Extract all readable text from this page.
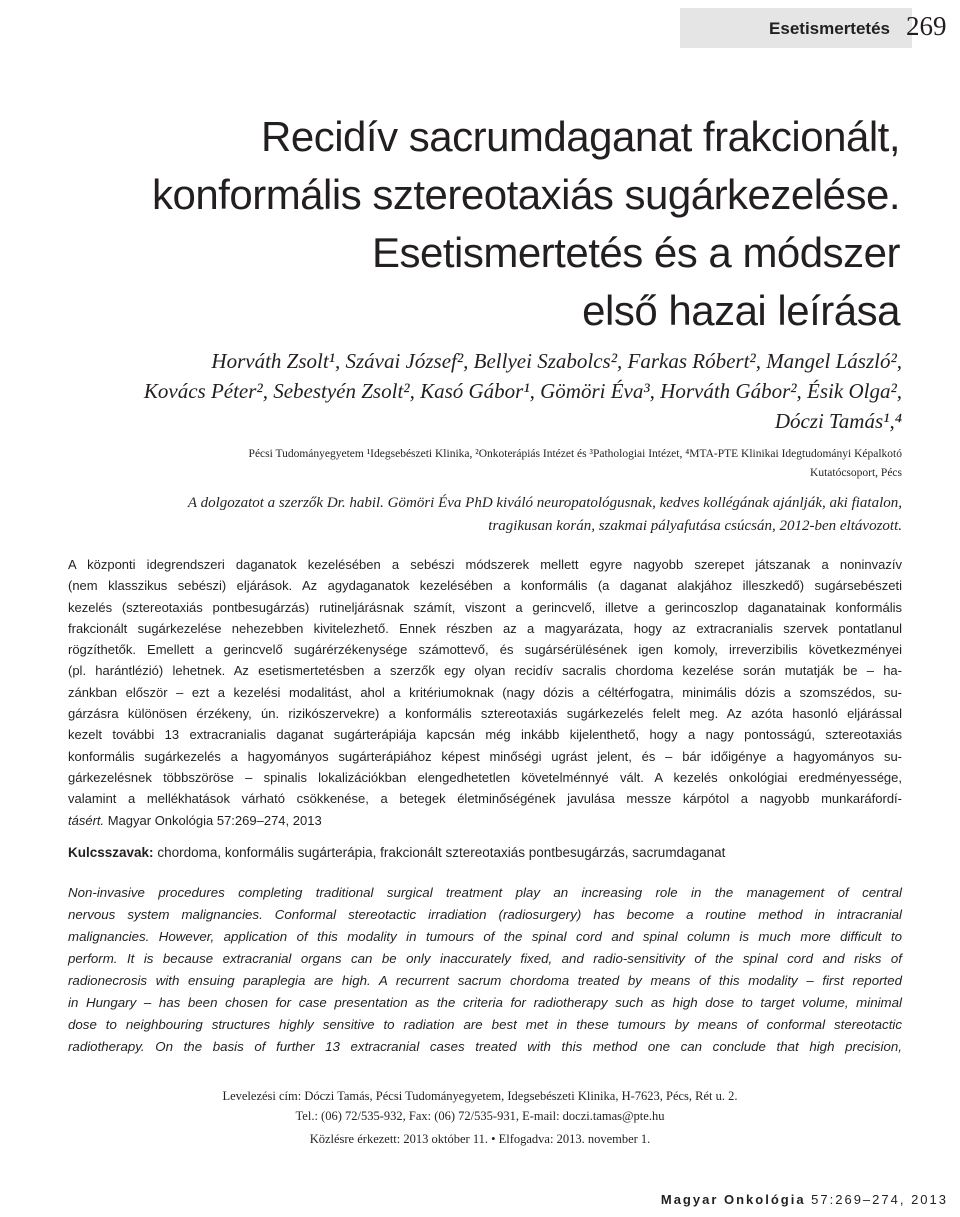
Esetismertetés 269
Recidív sacrumdaganat frakcionált,
konformális sztereotaxiás sugárkezelése.
Esetismertetés és a módszer
első hazai leírása
Horváth Zsolt¹, Szávai József², Bellyei Szabolcs², Farkas Róbert², Mangel László²,
Kovács Péter², Sebestyén Zsolt², Kasó Gábor¹, Gömöri Éva³, Horváth Gábor², Ésik Olga²,
Dóczi Tamás¹,⁴
Pécsi Tudományegyetem ¹Idegsebészeti Klinika, ²Onkoterápiás Intézet és ³Pathologiai Intézet, ⁴MTA-PTE Klinikai Idegtudományi Képalkotó
Kutatócsoport, Pécs
A dolgozatot a szerzők Dr. habil. Gömöri Éva PhD kiváló neuropatológusnak, kedves kollégának ajánlják, aki fiatalon,
tragikusan korán, szakmai pályafutása csúcsán, 2012-ben eltávozott.
A központi idegrendszeri daganatok kezelésében a sebészi módszerek mellett egyre nagyobb szerepet játszanak a noninvazív
(nem klasszikus sebészi) eljárások. Az agydaganatok kezelésében a konformális (a daganat alakjához illeszkedő) sugársebészeti
kezelés (sztereotaxiás pontbesugárzás) rutineljárásnak számít, viszont a gerincvelő, illetve a gerincoszlop daganatainak konformális
frakcionált sugárkezelése nehezebben kivitelezhető. Ennek részben az a magyarázata, hogy az extracranialis szervek pontatlanul
rögzíthetők. Emellett a gerincvelő sugárérzékenysége számottevő, és sugársérülésének igen komoly, irreverzibilis következményei
(pl. harántlézió) lehetnek. Az esetismertetésben a szerzők egy olyan recidív sacralis chordoma kezelése során mutatják be – ha-
zánkban először – ezt a kezelési modalitást, ahol a kritériumoknak (nagy dózis a céltérfogatra, minimális dózis a szomszédos, su-
gárzásra különösen érzékeny, ún. rizikószervekre) a konformális sztereotaxiás sugárkezelés felelt meg. Az azóta hasonló eljárással
kezelt további 13 extracranialis daganat sugárterápiája kapcsán még inkább kijelenthető, hogy a nagy pontosságú, sztereotaxiás
konformális sugárkezelés a hagyományos sugárterápiához képest minőségi ugrást jelent, és – bár időigénye a hagyományos su-
gárkezelésnek többszöröse – spinalis lokalizációkban elengedhetetlen követelménnyé vált. A kezelés onkológiai eredményessége,
valamint a mellékhatások várható csökkenése, a betegek életminőségének javulása messze kárpótol a nagyobb munkaráfordí-
tásért. Magyar Onkológia 57:269–274, 2013
Kulcsszavak: chordoma, konformális sugárterápia, frakcionált sztereotaxiás pontbesugárzás, sacrumdaganat
Non-invasive procedures completing traditional surgical treatment play an increasing role in the management of central
nervous system malignancies. Conformal stereotactic irradiation (radiosurgery) has become a routine method in intracranial
malignancies. However, application of this modality in tumours of the spinal cord and spinal column is much more difficult to
perform. It is because extracranial organs can be only inaccurately fixed, and radio-sensitivity of the spinal cord and risks of
radionecrosis with ensuing paraplegia are high. A recurrent sacrum chordoma treated by means of this modality – first reported
in Hungary – has been chosen for case presentation as the criteria for radiotherapy such as high dose to target volume, minimal
dose to neighbouring structures highly sensitive to radiation are best met in these tumours by means of conformal stereotactic
radiotherapy. On the basis of further 13 extracranial cases treated with this method one can conclude that high precision,
Levelezési cím: Dóczi Tamás, Pécsi Tudományegyetem, Idegsebészeti Klinika, H-7623, Pécs, Rét u. 2.
Tel.: (06) 72/535-932, Fax: (06) 72/535-931, E-mail: doczi.tamas@pte.hu
Közlésre érkezett: 2013 október 11. • Elfogadva: 2013. november 1.
Magyar Onkológia 57:269–274, 2013
